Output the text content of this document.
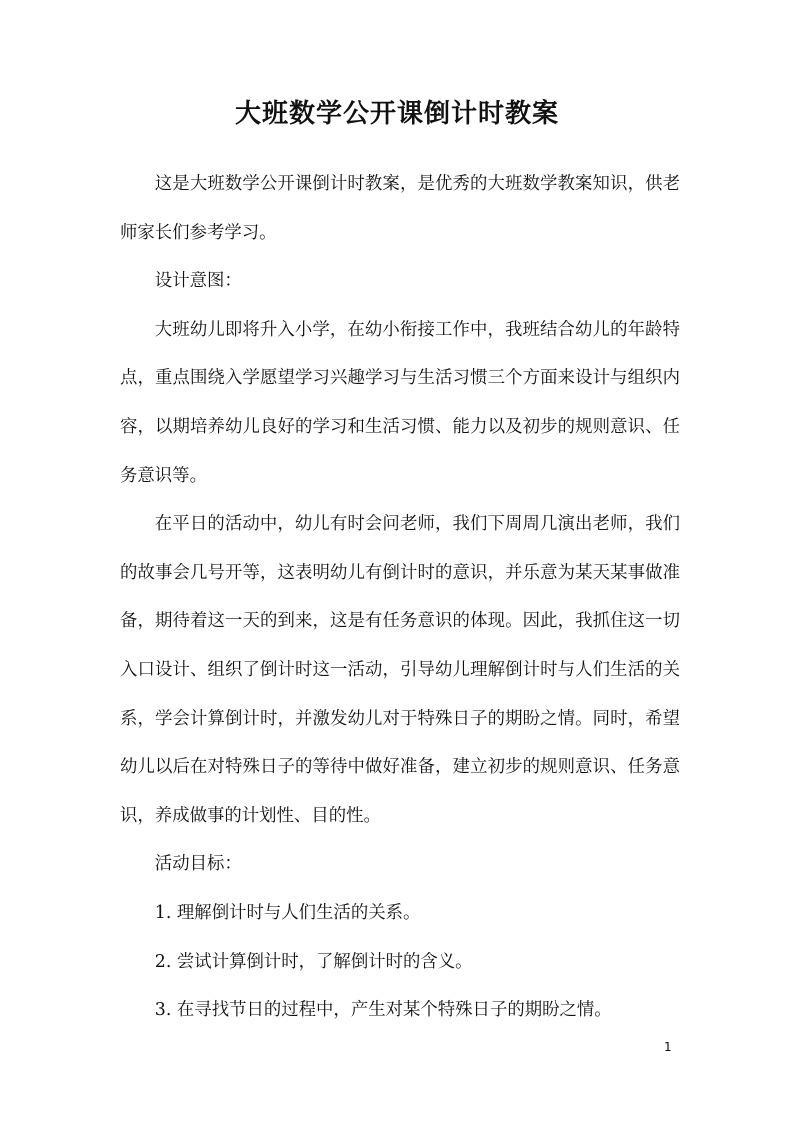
大班数学公开课倒计时教案

这是大班数学公开课倒计时教案，是优秀的大班数学教案知识，供老师家长们参考学习。

设计意图：

大班幼儿即将升入小学，在幼小衔接工作中，我班结合幼儿的年龄特点，重点围绕入学愿望学习兴趣学习与生活习惯三个方面来设计与组织内容，以期培养幼儿良好的学习和生活习惯、能力以及初步的规则意识、任务意识等。

在平日的活动中，幼儿有时会问老师，我们下周周几演出老师，我们的故事会几号开等，这表明幼儿有倒计时的意识，并乐意为某天某事做准备，期待着这一天的到来，这是有任务意识的体现。因此，我抓住这一切入口设计、组织了倒计时这一活动，引导幼儿理解倒计时与人们生活的关系，学会计算倒计时，并激发幼儿对于特殊日子的期盼之情。同时，希望幼儿以后在对特殊日子的等待中做好准备，建立初步的规则意识、任务意识，养成做事的计划性、目的性。

活动目标：

1. 理解倒计时与人们生活的关系。

2. 尝试计算倒计时，了解倒计时的含义。

3. 在寻找节日的过程中，产生对某个特殊日子的期盼之情。

1
